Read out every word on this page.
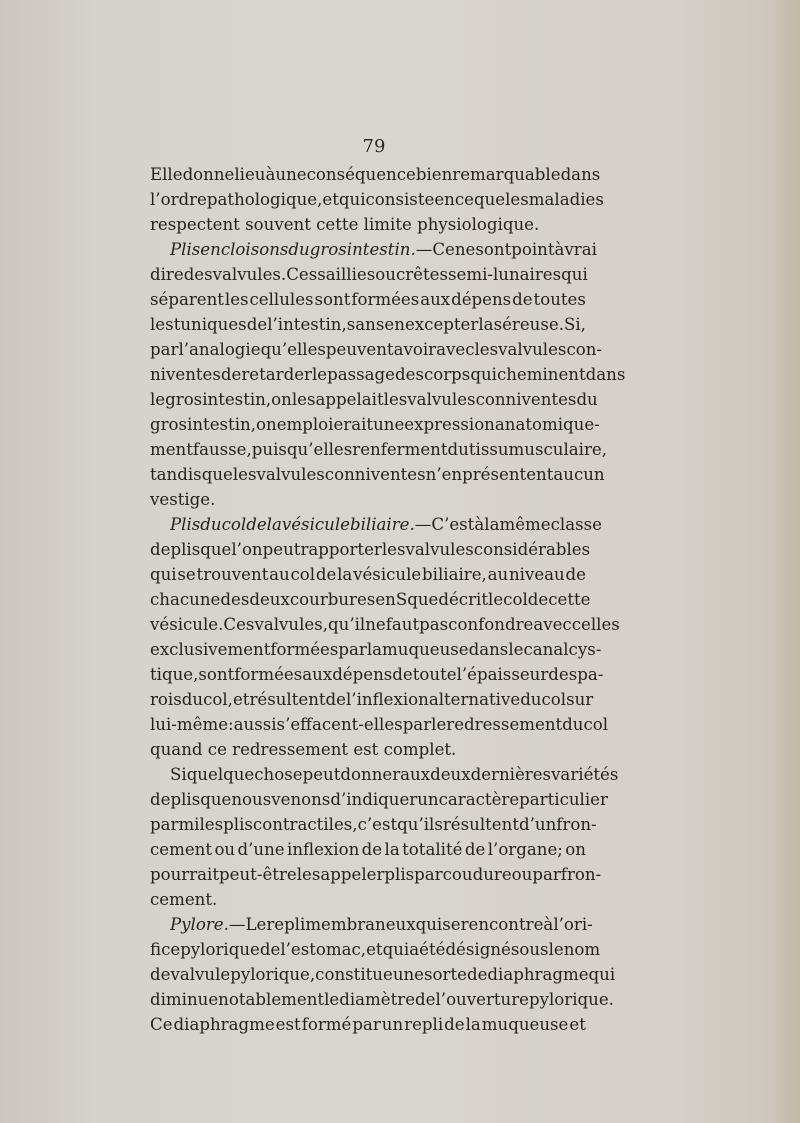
79
Elle donne lieu à une conséquence bien remarquable dans
l’ordre pathologique , et qui consiste en ce que les maladies
respectent souvent cette limite physiologique.
Plis en cloisons du gros intestin. — Ce ne sont point à vrai
dire des valvules. Ces saillies ou crêtes semi-lunaires qui
séparent les cellules sont formées aux dépens de toutes
les tuniques de l’intestin, sans en excepter la séreuse. Si,
par l’analogie qu’elles peuvent avoir avec les valvules con-
niventes de retarder le passage des corps qui cheminent dans
le gros intestin , on les appelait les valvules conniventes du
gros intestin, on emploierait une expression anatomique-
ment fausse, puisqu’elles renferment du tissu musculaire ,
tandis que les valvules conniventes n’en présentent aucun
vestige.
Plis du col de la vésicule biliaire. — C’est à la même classe
de plis que l’on peut rapporter les valvules considérables
qui se trouvent au col de la vésicule biliaire, au niveau de
chacune des deux courbures en S que décrit le col de cette
vésicule. Ces valvules, qu’il ne faut pas confondre avec celles
exclusivement formées par la muqueuse dans le canal cys-
tique, sont formées aux dépens de toute l’épaisseur des pa-
rois du col, et résultent de l’inflexion alternative du col sur
lui-même : aussi s’effacent-elles par le redressement du col
quand ce redressement est complet.
Si quelque chose peut donner aux deux dernières variétés
de plis que nous venons d’indiquer un caractère particulier
parmi les plis contractiles, c’est qu’ils résultent d’un fron-
cement ou d’une inflexion de la totalité de l’organe; on
pourrait peut-être les appeler plis par coudure ou par fron-
cement.
Pylore. — Le repli membraneux qui se rencontre à l’ori-
fice pylorique de l’estomac, et qui a été désigné sous le nom
de valvule pylorique, constitue une sorte de diaphragme qui
diminue notablement le diamètre de l’ouverture pylorique.
Ce diaphragme est formé par un repli de la muqueuse et
